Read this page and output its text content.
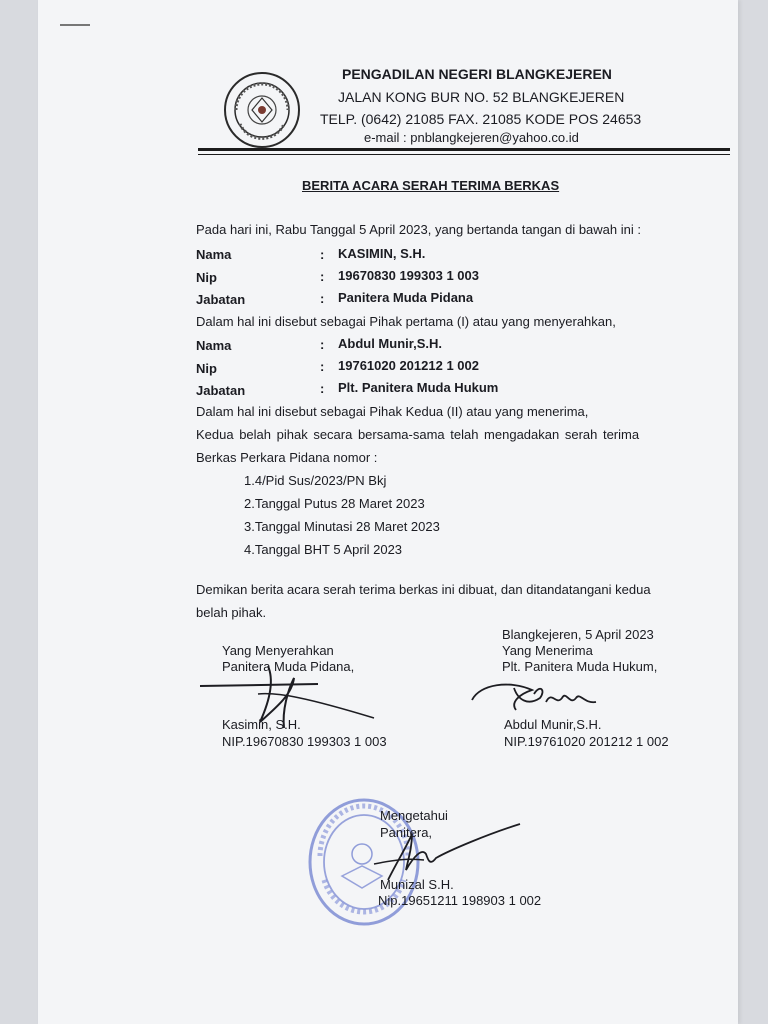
PENGADILAN NEGERI BLANGKEJEREN
JALAN KONG BUR NO. 52 BLANGKEJEREN
TELP. (0642) 21085 FAX. 21085 KODE POS 24653
e-mail : pnblangkejeren@yahoo.co.id
BERITA ACARA SERAH TERIMA BERKAS
Pada hari ini, Rabu Tanggal 5 April 2023, yang bertanda tangan di bawah ini :
Nama	: KASIMIN, S.H.
Nip	: 19670830 199303 1 003
Jabatan	: Panitera Muda Pidana
Dalam hal ini disebut sebagai Pihak pertama (I) atau yang menyerahkan,
Nama	: Abdul Munir,S.H.
Nip	: 19761020 201212 1 002
Jabatan	: Plt. Panitera Muda Hukum
Dalam hal ini disebut sebagai Pihak Kedua (II) atau yang menerima,
Kedua belah pihak secara bersama-sama telah mengadakan serah terima
Berkas Perkara Pidana nomor :
1.4/Pid Sus/2023/PN Bkj
2.Tanggal Putus 28 Maret 2023
3.Tanggal Minutasi 28 Maret 2023
4.Tanggal BHT 5 April 2023
Demikan berita acara serah terima berkas ini dibuat, dan ditandatangani kedua
belah pihak.
Blangkejeren, 5 April 2023
Yang Menyerahkan
Panitera Muda Pidana,
Yang Menerima
Plt. Panitera Muda Hukum,
Kasimin, S.H.
NIP.19670830 199303 1 003
Abdul Munir,S.H.
NIP.19761020 201212 1 002
Mengetahui
Panitera,
Munizal S.H.
Nip.19651211 198903 1 002
